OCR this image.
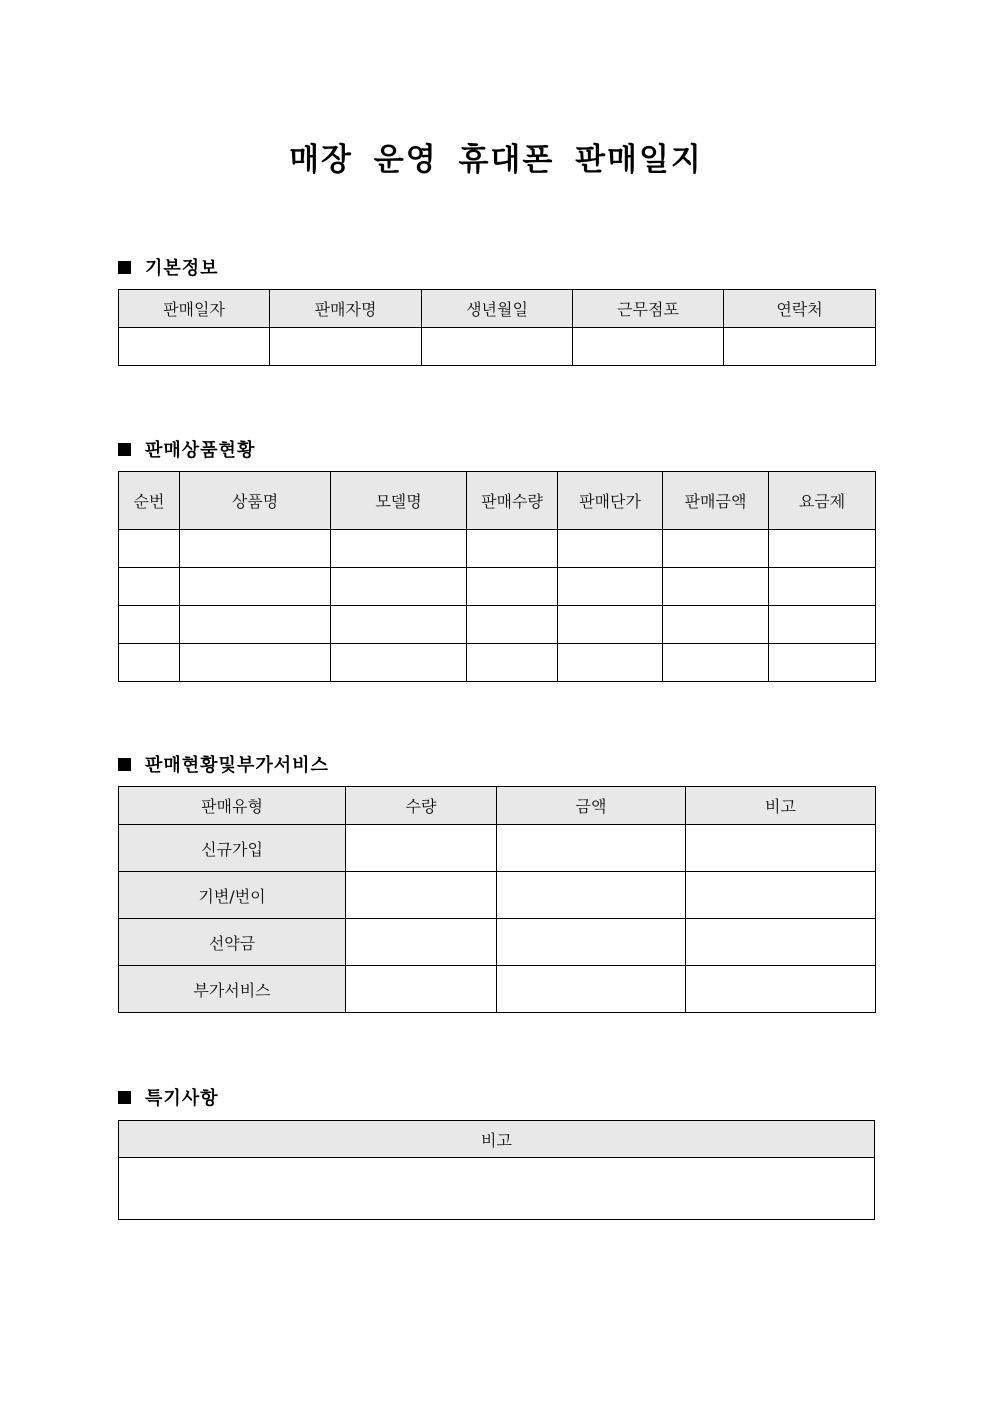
매장 운영 휴대폰 판매일지
기본정보
판매일자	판매자명	생년월일	근무점포	연락처

판매상품현황
순번	상품명	모델명	판매수량	판매단가	판매금액	요금제

판매현황및부가서비스
판매유형	수량	금액	비고
신규가입			
기변/번이			
선약금			
부가서비스			
특기사항
비고
